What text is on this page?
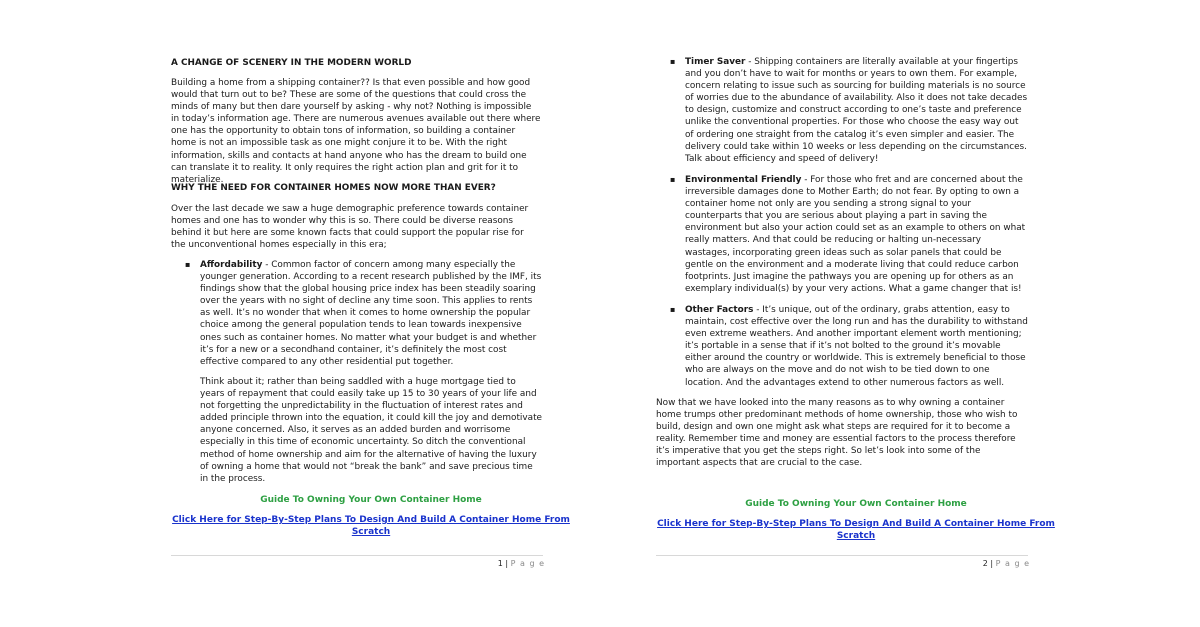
A CHANGE OF SCENERY IN THE MODERN WORLD

Building a home from a shipping container?? Is that even possible and how good would that turn out to be? These are some of the questions that could cross the minds of many but then dare yourself by asking - why not? Nothing is impossible in today’s information age. There are numerous avenues available out there where one has the opportunity to obtain tons of information, so building a container home is not an impossible task as one might conjure it to be. With the right information, skills and contacts at hand anyone who has the dream to build one can translate it to reality. It only requires the right action plan and grit for it to materialize.

WHY THE NEED FOR CONTAINER HOMES NOW MORE THAN EVER?

Over the last decade we saw a huge demographic preference towards container homes and one has to wonder why this is so. There could be diverse reasons behind it but here are some known facts that could support the popular rise for the unconventional homes especially in this era;

▪ Affordability - Common factor of concern among many especially the younger generation. According to a recent research published by the IMF, its findings show that the global housing price index has been steadily soaring over the years with no sight of decline any time soon. This applies to rents as well. It’s no wonder that when it comes to home ownership the popular choice among the general population tends to lean towards inexpensive ones such as container homes. No matter what your budget is and whether it’s for a new or a secondhand container, it’s definitely the most cost effective compared to any other residential put together.

Think about it; rather than being saddled with a huge mortgage tied to years of repayment that could easily take up 15 to 30 years of your life and not forgetting the unpredictability in the fluctuation of interest rates and added principle thrown into the equation, it could kill the joy and demotivate anyone concerned. Also, it serves as an added burden and worrisome especially in this time of economic uncertainty. So ditch the conventional method of home ownership and aim for the alternative of having the luxury of owning a home that would not “break the bank” and save precious time in the process.

Guide To Owning Your Own Container Home
Click Here for Step-By-Step Plans To Design And Build A Container Home From Scratch
1 | P a g e
▪ Timer Saver - Shipping containers are literally available at your fingertips and you don’t have to wait for months or years to own them. For example, concern relating to issue such as sourcing for building materials is no source of worries due to the abundance of availability. Also it does not take decades to design, customize and construct according to one’s taste and preference unlike the conventional properties. For those who choose the easy way out of ordering one straight from the catalog it’s even simpler and easier. The delivery could take within 10 weeks or less depending on the circumstances. Talk about efficiency and speed of delivery!
▪ Environmental Friendly - For those who fret and are concerned about the irreversible damages done to Mother Earth; do not fear. By opting to own a container home not only are you sending a strong signal to your counterparts that you are serious about playing a part in saving the environment but also your action could set as an example to others on what really matters. And that could be reducing or halting un-necessary wastages, incorporating green ideas such as solar panels that could be gentle on the environment and a moderate living that could reduce carbon footprints. Just imagine the pathways you are opening up for others as an exemplary individual(s) by your very actions. What a game changer that is!
▪ Other Factors - It’s unique, out of the ordinary, grabs attention, easy to maintain, cost effective over the long run and has the durability to withstand even extreme weathers. And another important element worth mentioning; it’s portable in a sense that if it’s not bolted to the ground it’s movable either around the country or worldwide. This is extremely beneficial to those who are always on the move and do not wish to be tied down to one location. And the advantages extend to other numerous factors as well.

Now that we have looked into the many reasons as to why owning a container home trumps other predominant methods of home ownership, those who wish to build, design and own one might ask what steps are required for it to become a reality. Remember time and money are essential factors to the process therefore it’s imperative that you get the steps right. So let’s look into some of the important aspects that are crucial to the case.

Guide To Owning Your Own Container Home
Click Here for Step-By-Step Plans To Design And Build A Container Home From Scratch
2 | P a g e
